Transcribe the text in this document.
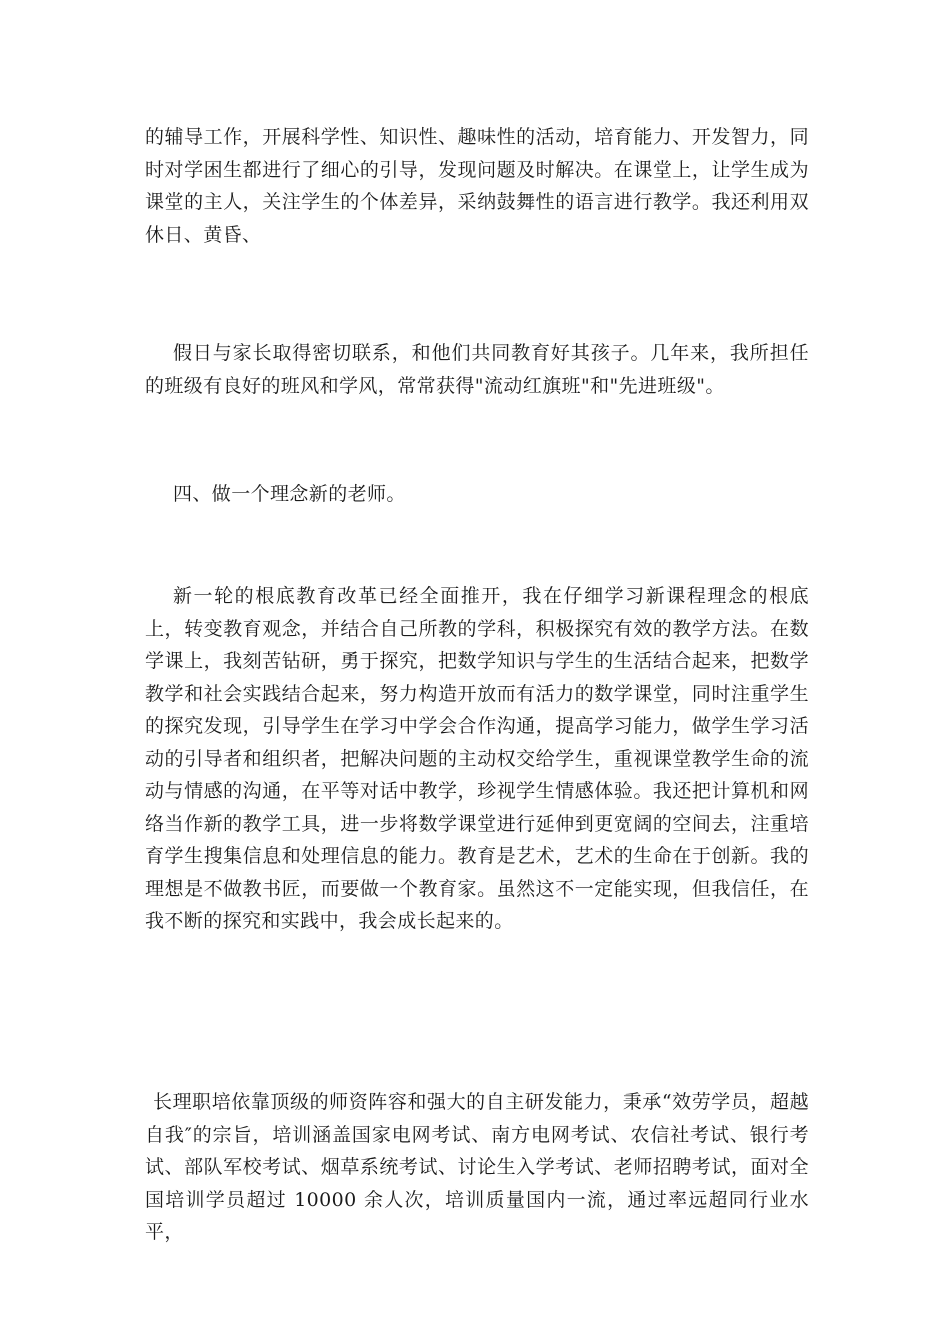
的辅导工作，开展科学性、知识性、趣味性的活动，培育能力、开发智力，同时对学困生都进行了细心的引导，发现问题及时解决。在课堂上，让学生成为课堂的主人，关注学生的个体差异，采纳鼓舞性的语言进行教学。我还利用双休日、黄昏、

假日与家长取得密切联系，和他们共同教育好其孩子。几年来，我所担任的班级有良好的班风和学风，常常获得"流动红旗班"和"先进班级"。

四、做一个理念新的老师。

新一轮的根底教育改革已经全面推开，我在仔细学习新课程理念的根底上，转变教育观念，并结合自己所教的学科，积极探究有效的教学方法。在数学课上，我刻苦钻研，勇于探究，把数学知识与学生的生活结合起来，把数学教学和社会实践结合起来，努力构造开放而有活力的数学课堂，同时注重学生的探究发现，引导学生在学习中学会合作沟通，提高学习能力，做学生学习活动的引导者和组织者，把解决问题的主动权交给学生，重视课堂教学生命的流动与情感的沟通，在平等对话中教学，珍视学生情感体验。我还把计算机和网络当作新的教学工具，进一步将数学课堂进行延伸到更宽阔的空间去，注重培育学生搜集信息和处理信息的能力。教育是艺术，艺术的生命在于创新。我的理想是不做教书匠，而要做一个教育家。虽然这不一定能实现，但我信任，在我不断的探究和实践中，我会成长起来的。

长理职培依靠顶级的师资阵容和强大的自主研发能力，秉承“效劳学员，超越自我″的宗旨，培训涵盖国家电网考试、南方电网考试、农信社考试、银行考试、部队军校考试、烟草系统考试、讨论生入学考试、老师招聘考试，面对全国培训学员超过 10000 余人次，培训质量国内一流，通过率远超同行业水平，
